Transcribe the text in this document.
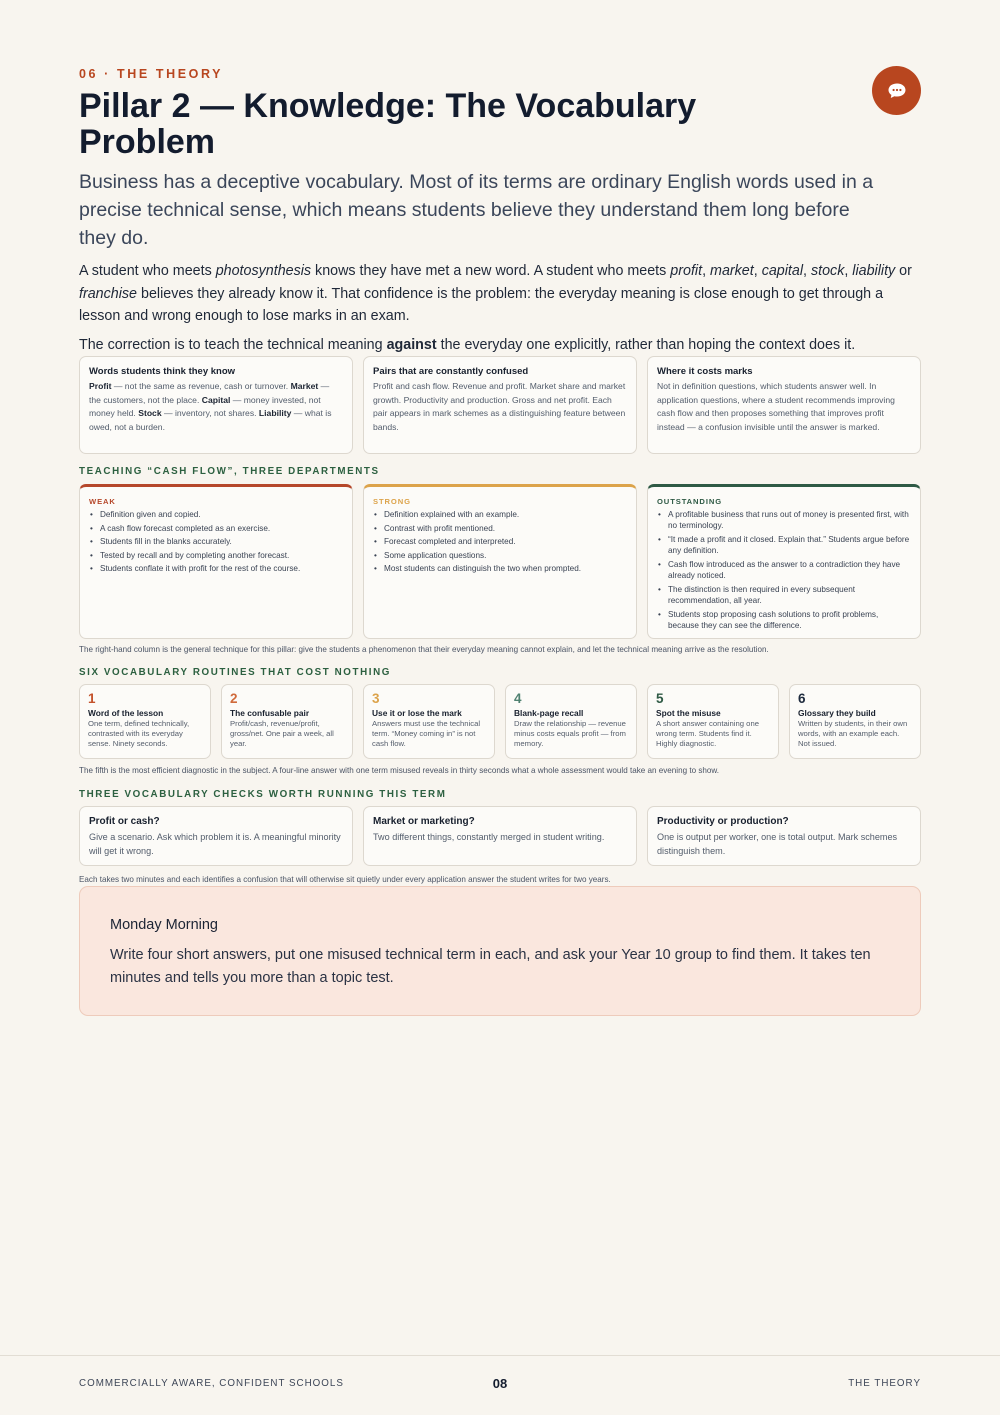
06 · THE THEORY
Pillar 2 — Knowledge: The Vocabulary Problem

Business has a deceptive vocabulary. Most of its terms are ordinary English words used in a precise technical sense, which means students believe they understand them long before they do.

A student who meets photosynthesis knows they have met a new word. A student who meets profit, market, capital, stock, liability or franchise believes they already know it. That confidence is the problem: the everyday meaning is close enough to get through a lesson and wrong enough to lose marks in an exam.

The correction is to teach the technical meaning against the everyday one explicitly, rather than hoping the context does it.

Words students think they know
Profit — not the same as revenue, cash or turnover. Market — the customers, not the place. Capital — money invested, not money held. Stock — inventory, not shares. Liability — what is owed, not a burden.
Pairs that are constantly confused
Profit and cash flow. Revenue and profit. Market share and market growth. Productivity and production. Gross and net profit. Each pair appears in mark schemes as a distinguishing feature between bands.
Where it costs marks
Not in definition questions, which students answer well. In application questions, where a student recommends improving cash flow and then proposes something that improves profit instead — a confusion invisible until the answer is marked.
TEACHING “CASH FLOW”, THREE DEPARTMENTS
WEAK
• Definition given and copied.
• A cash flow forecast completed as an exercise.
• Students fill in the blanks accurately.
• Tested by recall and by completing another forecast.
• Students conflate it with profit for the rest of the course.
STRONG
• Definition explained with an example.
• Contrast with profit mentioned.
• Forecast completed and interpreted.
• Some application questions.
• Most students can distinguish the two when prompted.
OUTSTANDING
• A profitable business that runs out of money is presented first, with no terminology.
• “It made a profit and it closed. Explain that.” Students argue before any definition.
• Cash flow introduced as the answer to a contradiction they have already noticed.
• The distinction is then required in every subsequent recommendation, all year.
• Students stop proposing cash solutions to profit problems, because they can see the difference.
The right-hand column is the general technique for this pillar: give the students a phenomenon that their everyday meaning cannot explain, and let the technical meaning arrive as the resolution.
SIX VOCABULARY ROUTINES THAT COST NOTHING
1
Word of the lesson
One term, defined technically, contrasted with its everyday sense. Ninety seconds.
2
The confusable pair
Profit/cash, revenue/profit, gross/net. One pair a week, all year.
3
Use it or lose the mark
Answers must use the technical term. “Money coming in” is not cash flow.
4
Blank-page recall
Draw the relationship — revenue minus costs equals profit — from memory.
5
Spot the misuse
A short answer containing one wrong term. Students find it. Highly diagnostic.
6
Glossary they build
Written by students, in their own words, with an example each. Not issued.
The fifth is the most efficient diagnostic in the subject. A four-line answer with one term misused reveals in thirty seconds what a whole assessment would take an evening to show.
THREE VOCABULARY CHECKS WORTH RUNNING THIS TERM
Profit or cash?
Give a scenario. Ask which problem it is. A meaningful minority will get it wrong.
Market or marketing?
Two different things, constantly merged in student writing.
Productivity or production?
One is output per worker, one is total output. Mark schemes distinguish them.
Each takes two minutes and each identifies a confusion that will otherwise sit quietly under every application answer the student writes for two years.
Monday Morning
Write four short answers, put one misused technical term in each, and ask your Year 10 group to find them. It takes ten minutes and tells you more than a topic test.
COMMERCIALLY AWARE, CONFIDENT SCHOOLS	08	THE THEORY
